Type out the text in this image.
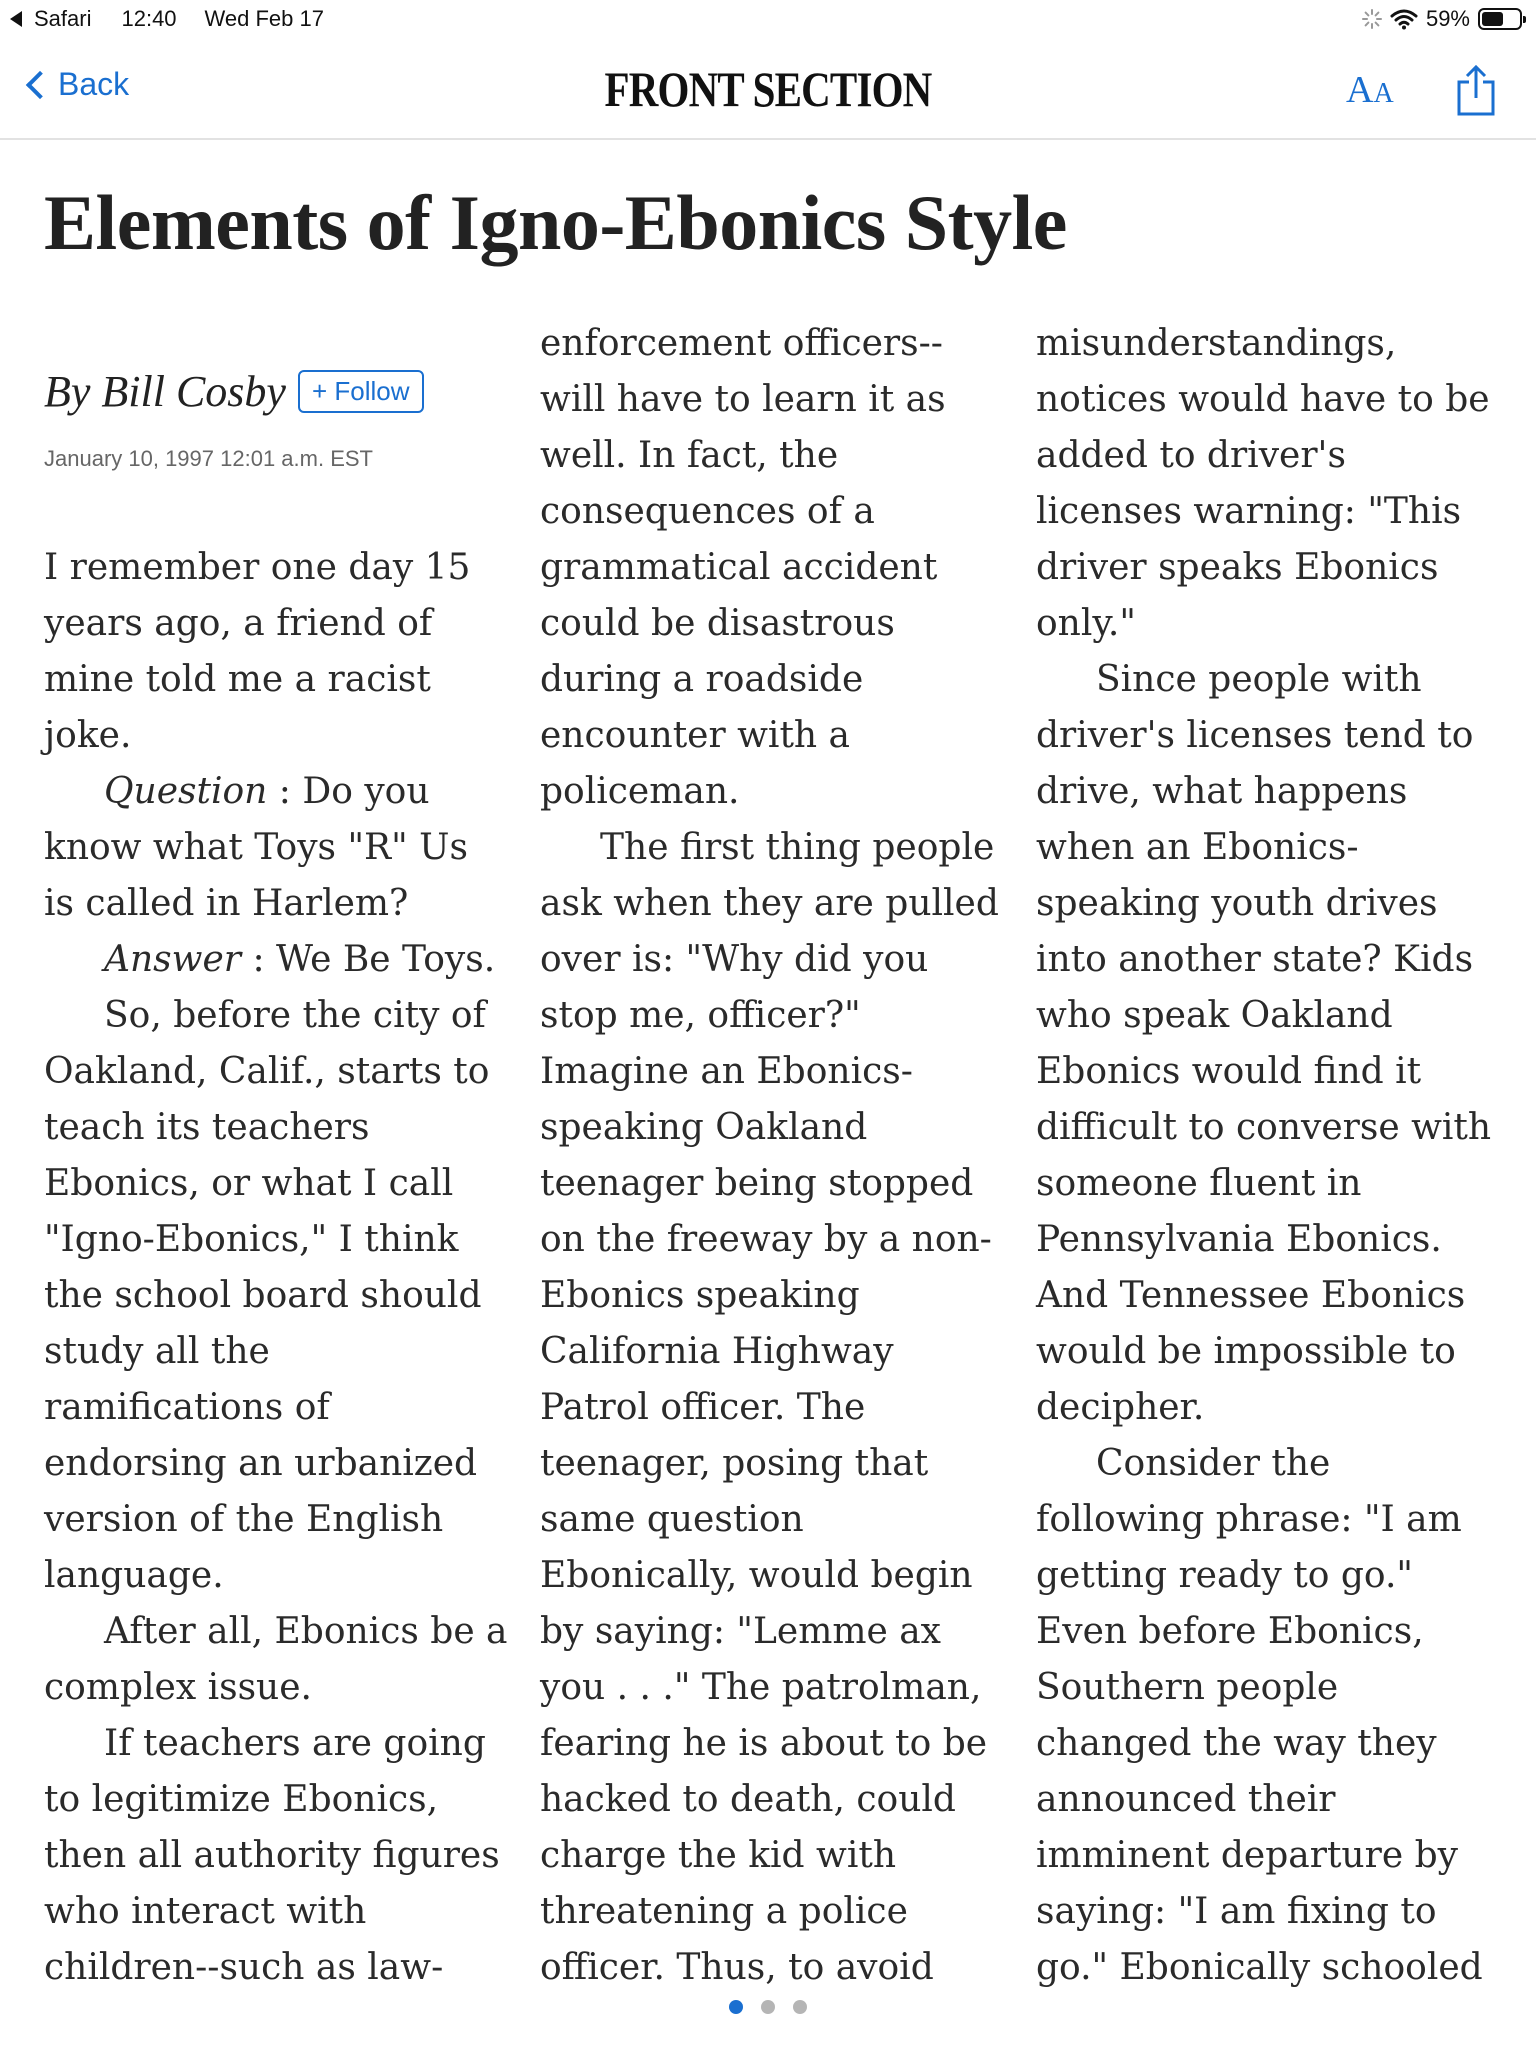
Safari 12:40 Wed Feb 17	59%
Back	FRONT SECTION	AA
Elements of Igno-Ebonics Style
By Bill Cosby	+ Follow
January 10, 1997 12:01 a.m. EST
I remember one day 15
years ago, a friend of
mine told me a racist
joke.
Question : Do you
know what Toys "R" Us
is called in Harlem?
Answer : We Be Toys.
So, before the city of
Oakland, Calif., starts to
teach its teachers
Ebonics, or what I call
"Igno-Ebonics," I think
the school board should
study all the
ramifications of
endorsing an urbanized
version of the English
language.
After all, Ebonics be a
complex issue.
If teachers are going
to legitimize Ebonics,
then all authority figures
who interact with
children--such as law-
enforcement officers--
will have to learn it as
well. In fact, the
consequences of a
grammatical accident
could be disastrous
during a roadside
encounter with a
policeman.
The first thing people
ask when they are pulled
over is: "Why did you
stop me, officer?"
Imagine an Ebonics-
speaking Oakland
teenager being stopped
on the freeway by a non-
Ebonics speaking
California Highway
Patrol officer. The
teenager, posing that
same question
Ebonically, would begin
by saying: "Lemme ax
you . . ." The patrolman,
fearing he is about to be
hacked to death, could
charge the kid with
threatening a police
officer. Thus, to avoid
misunderstandings,
notices would have to be
added to driver's
licenses warning: "This
driver speaks Ebonics
only."
Since people with
driver's licenses tend to
drive, what happens
when an Ebonics-
speaking youth drives
into another state? Kids
who speak Oakland
Ebonics would find it
difficult to converse with
someone fluent in
Pennsylvania Ebonics.
And Tennessee Ebonics
would be impossible to
decipher.
Consider the
following phrase: "I am
getting ready to go."
Even before Ebonics,
Southern people
changed the way they
announced their
imminent departure by
saying: "I am fixing to
go." Ebonically schooled
